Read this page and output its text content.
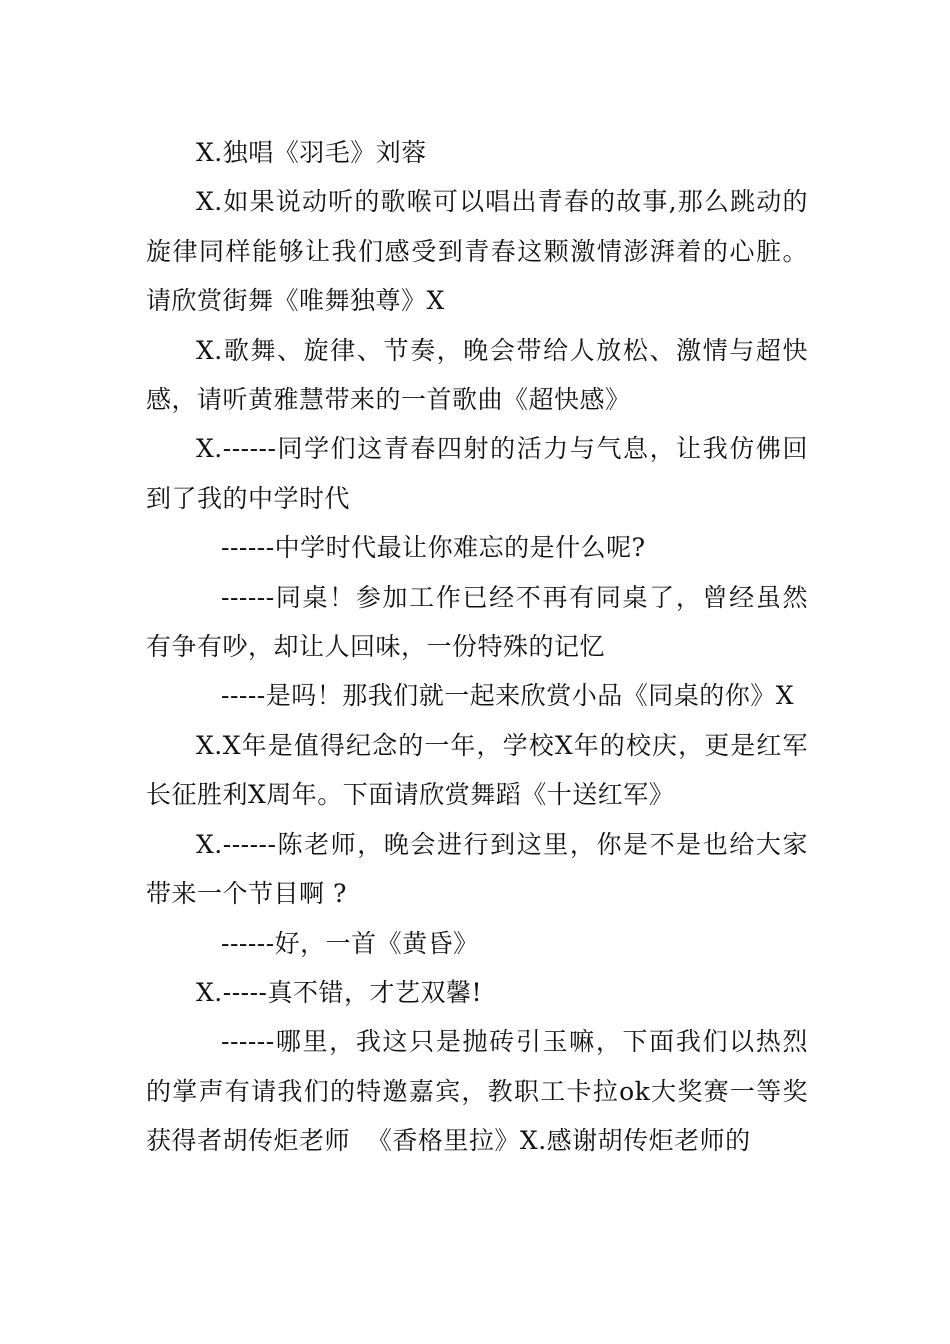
X.独唱《羽毛》刘蓉

X.如果说动听的歌喉可以唱出青春的故事,那么跳动的旋律同样能够让我们感受到青春这颗激情澎湃着的心脏。请欣赏街舞《唯舞独尊》X

X.歌舞、旋律、节奏，晚会带给人放松、激情与超快感，请听黄雅慧带来的一首歌曲《超快感》

X.------同学们这青春四射的活力与气息，让我仿佛回到了我的中学时代

------中学时代最让你难忘的是什么呢?

------同桌！参加工作已经不再有同桌了，曾经虽然有争有吵，却让人回味，一份特殊的记忆

-----是吗！那我们就一起来欣赏小品《同桌的你》X

X.X年是值得纪念的一年，学校X年的校庆，更是红军长征胜利X周年。下面请欣赏舞蹈《十送红军》

X.------陈老师，晚会进行到这里，你是不是也给大家带来一个节目啊 ?

------好，一首《黄昏》

X.-----真不错，才艺双馨!

------哪里，我这只是抛砖引玉嘛，下面我们以热烈的掌声有请我们的特邀嘉宾，教职工卡拉ok大奖赛一等奖获得者胡传炬老师  《香格里拉》X.感谢胡传炬老师的
